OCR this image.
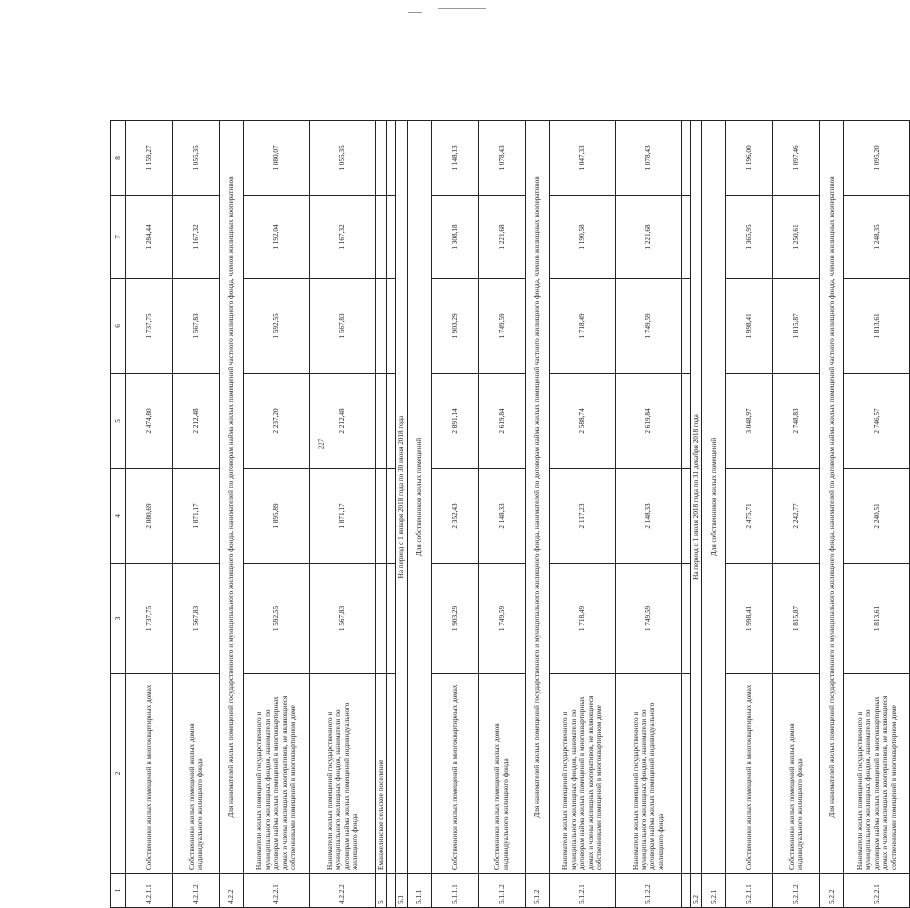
227
1	2	3	4	5	6	7	8
4.2.1.1	Собственники жилых помещений в многоквартирных домах	1 737,75	2 080,69	2 474,80	1 737,75	1 284,44	1 159,27
4.2.1.2	Собственники жилых помещений жилых домов индивидуального жилищного фонда	1 567,83	1 871,17	2 212,48	1 567,83	1 167,32	1 055,35
4.2.2	Для нанимателей жилых помещений государственного и муниципального жилищного фонда, нанимателей по договорам найма жилых помещений частного жилищного фонда, членов жилищных кооперативов						
4.2.2.1	Наниматели жилых помещений государственного и муниципального жилищных фондов, наниматели по договорам найма жилых помещений в многоквартирных домах и члены жилищных кооперативов, не являющиеся собственниками помещений в многоквартирном доме	1 592,55	1 895,89	2 237,20	1 592,55	1 192,04	1 080,07
4.2.2.2	Наниматели жилых помещений государственного и муниципального жилищных фондов, наниматели по договорам найма жилых помещений индивидуального жилищного фонда	1 567,83	1 871,17	2 212,48	1 567,83	1 167,32	1 055,35
5	Еманжелинское сельское поселение						

5.1	На период с 1 января 2018 года по 30 июня 2018 года						
5.1.1	Для собственников жилых помещений						
5.1.1.1	Собственники жилых помещений в многоквартирных домах	1 903,29	2 352,43	2 891,14	1 903,29	1 308,18	1 148,13
5.1.1.2	Собственники жилых помещений жилых домов индивидуального жилищного фонда	1 749,59	2 148,33	2 619,84	1 749,59	1 221,68	1 078,43
5.1.2	Для нанимателей жилых помещений государственного и муниципального жилищного фонда, нанимателей по договорам найма жилых помещений частного жилищного фонда, членов жилищных кооперативов						
5.1.2.1	Наниматели жилых помещений государственного и муниципального жилищных фондов, наниматели по договорам найма жилых помещений в многоквартирных домах и члены жилищных кооперативов, не являющиеся собственниками помещений в многоквартирном доме	1 718,49	2 117,23	2 588,74	1 718,49	1 190,58	1 047,33
5.1.2.2	Наниматели жилых помещений государственного и муниципального жилищных фондов, наниматели по договорам найма жилых помещений индивидуального жилищного фонда	1 749,59	2 148,33	2 619,84	1 749,59	1 221,68	1 078,43

5.2	На период с 1 июля 2018 года по 31 декабря 2018 года						
5.2.1	Для собственников жилых помещений						
5.2.1.1	Собственники жилых помещений в многоквартирных домах	1 998,41	2 475,71	3 048,97	1 998,41	1 365,95	1 196,00
5.2.1.2	Собственники жилых помещений жилых домов индивидуального жилищного фонда	1 815,87	2 242,77	2 748,83	1 815,87	1 250,61	1 097,46
5.2.2	Для нанимателей жилых помещений государственного и муниципального жилищного фонда, нанимателей по договорам найма жилых помещений частного жилищного фонда, членов жилищных кооперативов						
5.2.2.1	Наниматели жилых помещений государственного и муниципального жилищных фондов, наниматели по договорам найма жилых помещений в многоквартирных домах и члены жилищных кооперативов, не являющиеся собственниками помещений в многоквартирном доме	1 813,61	2 240,51	2 746,57	1 813,61	1 248,35	1 095,20
